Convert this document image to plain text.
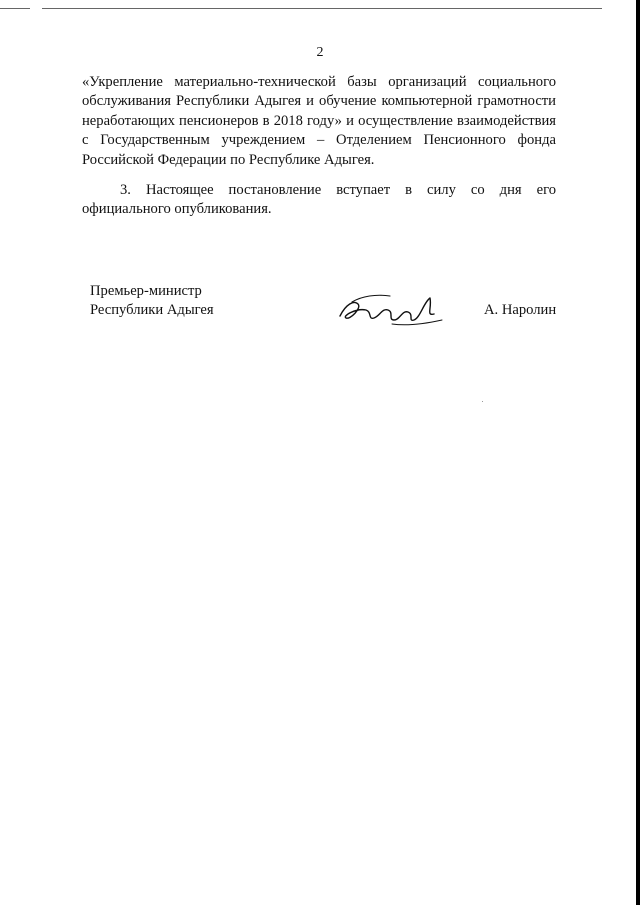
2
«Укрепление материально-технической базы организаций социального
обслуживания Республики Адыгея и обучение компьютерной грамотности
неработающих пенсионеров в 2018 году» и осуществление взаимодействия
с Государственным учреждением – Отделением Пенсионного фонда
Российской Федерации по Республике Адыгея.
3. Настоящее постановление вступает в силу со дня его
официального опубликования.
Премьер-министр
Республики Адыгея	А. Наролин
